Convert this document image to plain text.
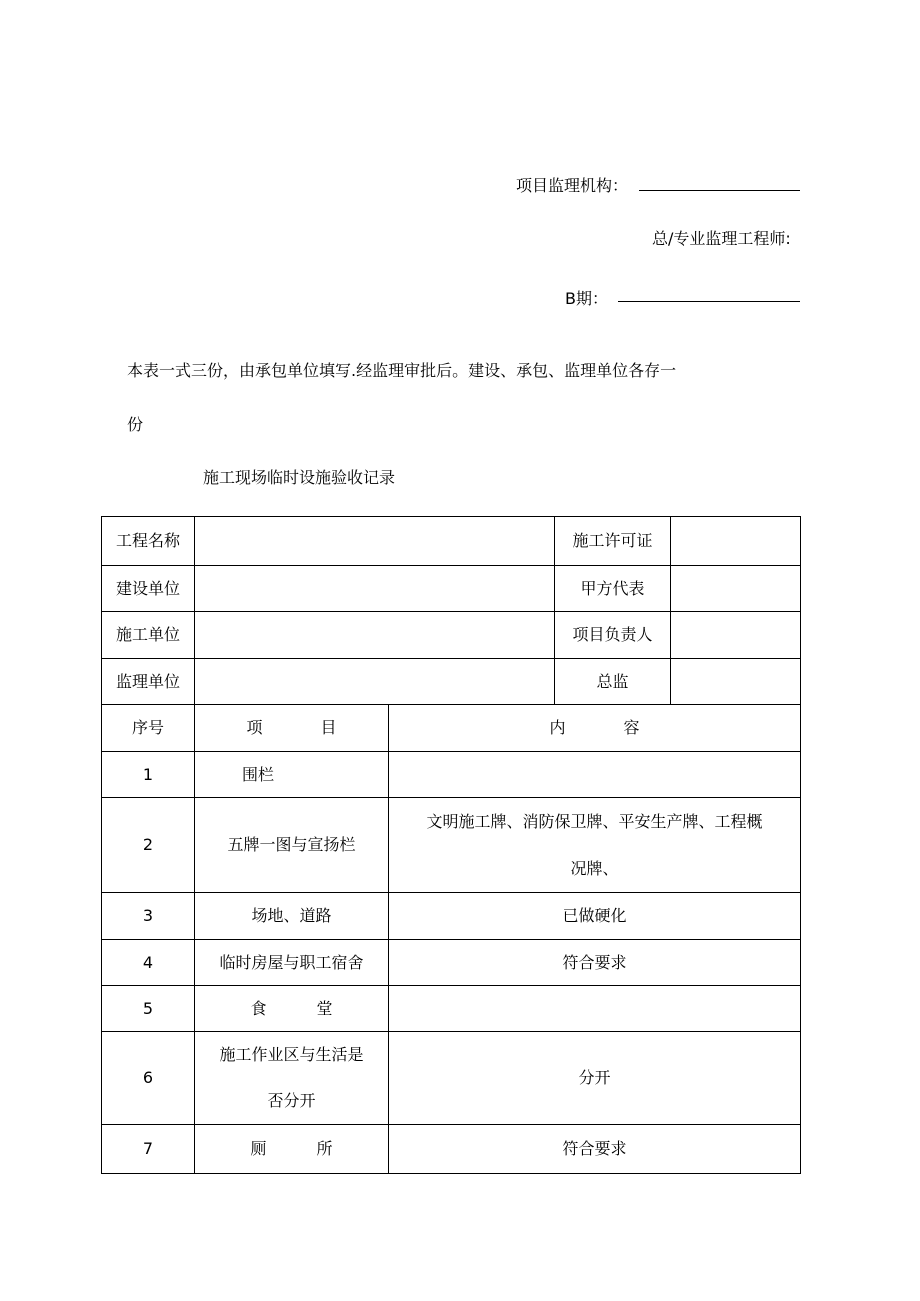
项目监理机构：
总/专业监理工程师:
B期：
本表一式三份，由承包单位填写.经监理审批后。建设、承包、监理单位各存一
份
施工现场临时设施验收记录
工程名称			施工许可证	
建设单位			甲方代表	
施工单位			项目负责人	
监理单位			总监	
序号	项 目	内 容		
1	围栏			
2	五牌一图与宣扬栏	文明施工牌、消防保卫牌、平安生产牌、工程概
况牌、		

3	场地、道路	已做硬化		
4	临时房屋与职工宿舍	符合要求		
5	食 堂			
6	施工作业区与生活是
否分开	分开		
7	厕 所	符合要求		
